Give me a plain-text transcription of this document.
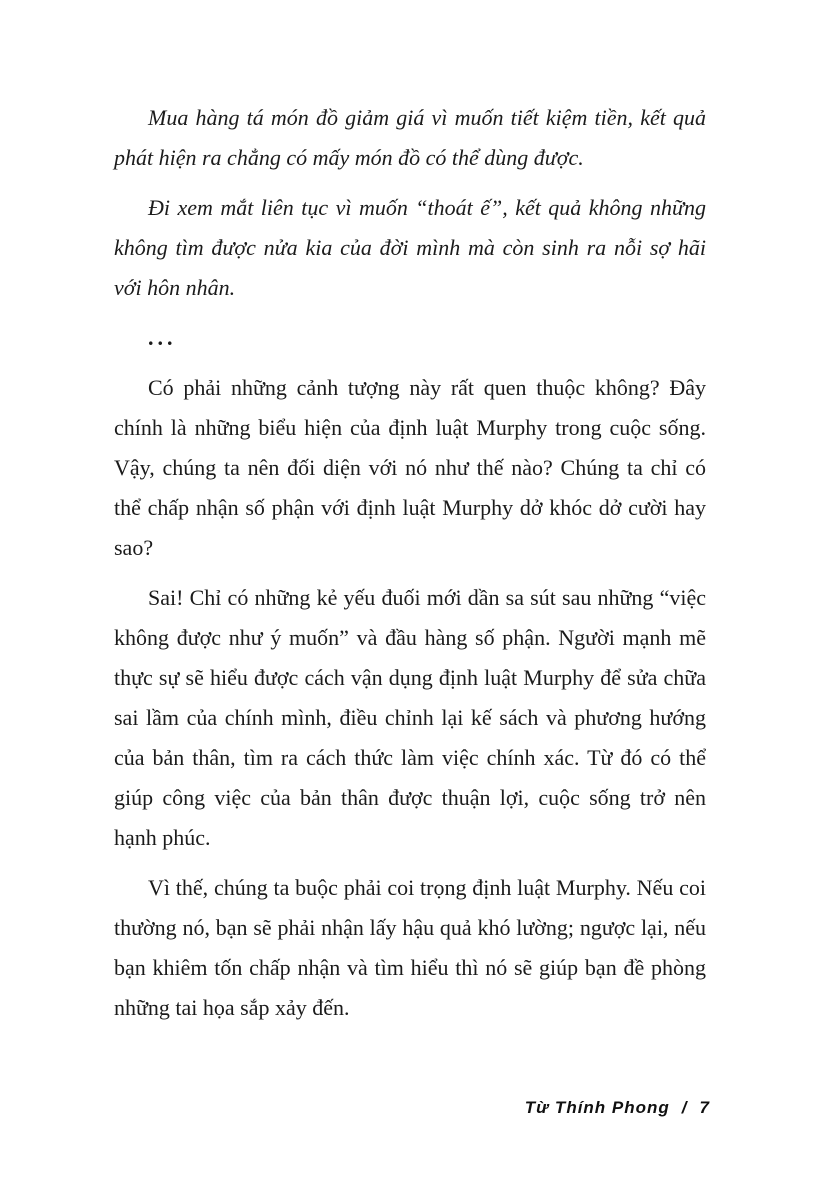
Mua hàng tá món đồ giảm giá vì muốn tiết kiệm tiền, kết quả phát hiện ra chẳng có mấy món đồ có thể dùng được.

Đi xem mắt liên tục vì muốn “thoát ế”, kết quả không những không tìm được nửa kia của đời mình mà còn sinh ra nỗi sợ hãi với hôn nhân.

...

Có phải những cảnh tượng này rất quen thuộc không? Đây chính là những biểu hiện của định luật Murphy trong cuộc sống. Vậy, chúng ta nên đối diện với nó như thế nào? Chúng ta chỉ có thể chấp nhận số phận với định luật Murphy dở khóc dở cười hay sao?

Sai! Chỉ có những kẻ yếu đuối mới dần sa sút sau những “việc không được như ý muốn” và đầu hàng số phận. Người mạnh mẽ thực sự sẽ hiểu được cách vận dụng định luật Murphy để sửa chữa sai lầm của chính mình, điều chỉnh lại kế sách và phương hướng của bản thân, tìm ra cách thức làm việc chính xác. Từ đó có thể giúp công việc của bản thân được thuận lợi, cuộc sống trở nên hạnh phúc.

Vì thế, chúng ta buộc phải coi trọng định luật Murphy. Nếu coi thường nó, bạn sẽ phải nhận lấy hậu quả khó lường; ngược lại, nếu bạn khiêm tốn chấp nhận và tìm hiểu thì nó sẽ giúp bạn đề phòng những tai họa sắp xảy đến.

Từ Thính Phong / 7
